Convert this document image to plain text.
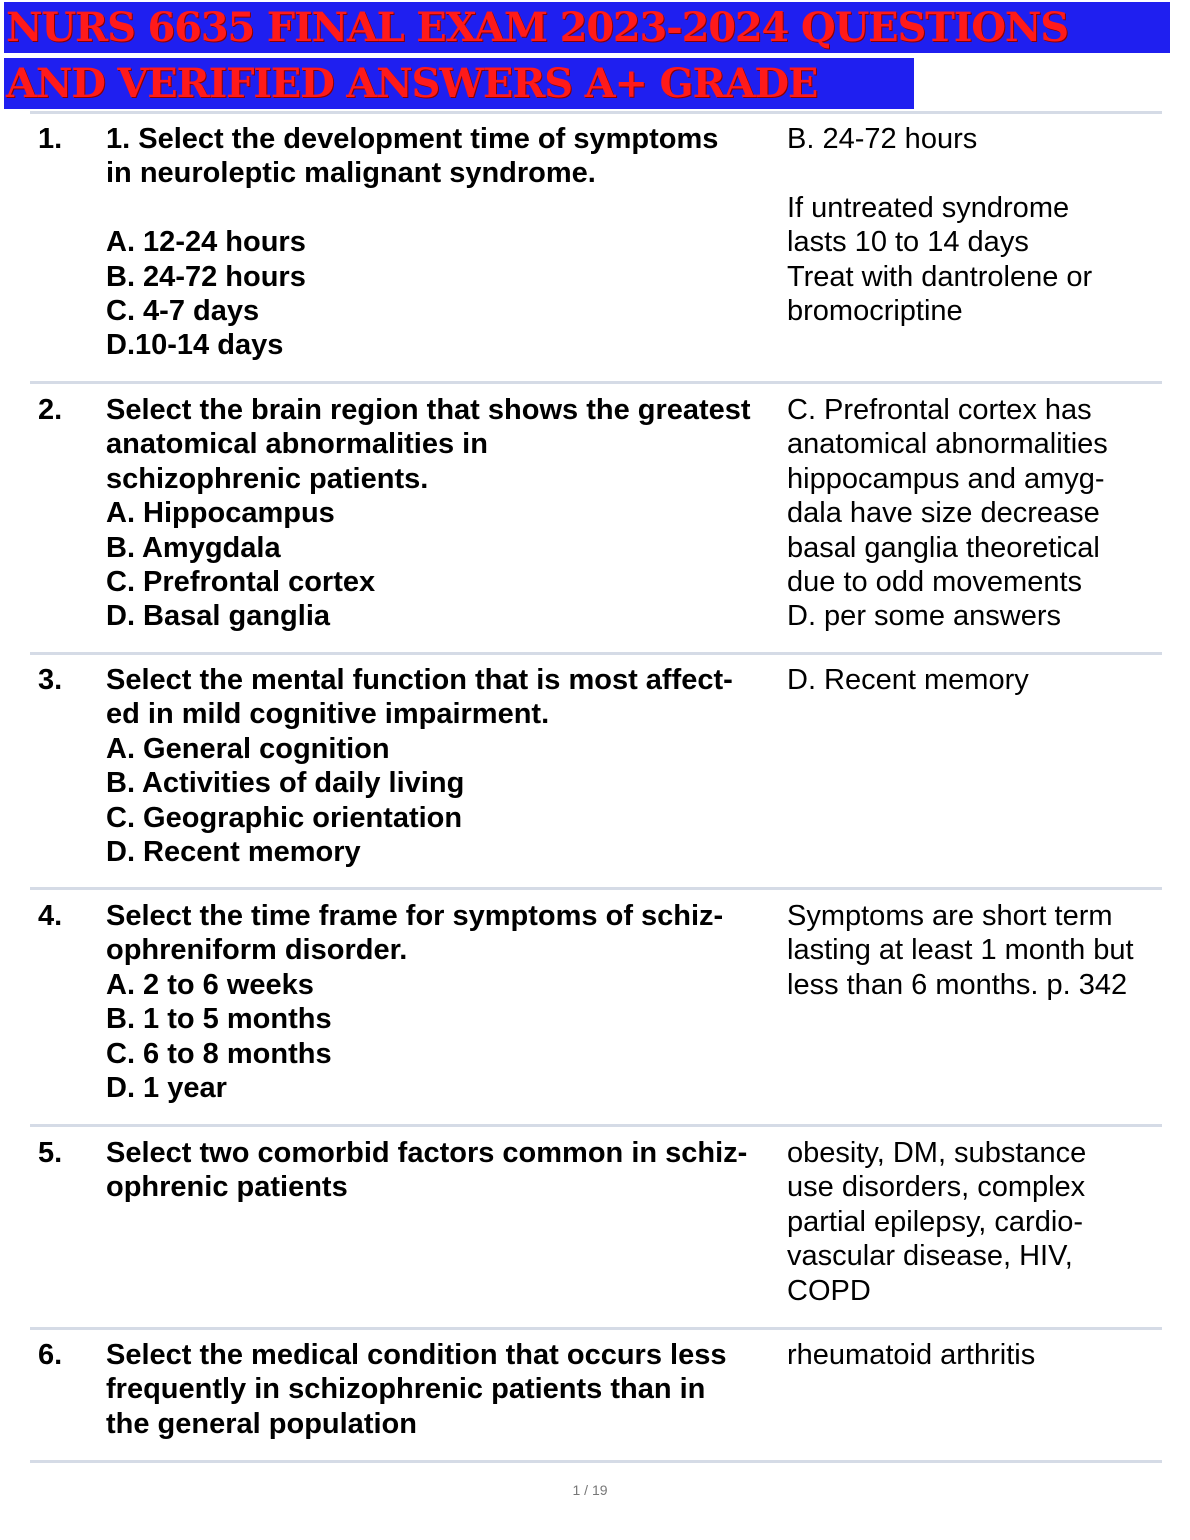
NURS 6635 FINAL EXAM 2023-2024 QUESTIONS
AND VERIFIED ANSWERS A+ GRADE
1. 1. Select the development time of symptoms
in neuroleptic malignant syndrome.
A. 12-24 hours
B. 24-72 hours
C. 4-7 days
D.10-14 days
B. 24-72 hours
If untreated syndrome
lasts 10 to 14 days
Treat with dantrolene or
bromocriptine
2. Select the brain region that shows the greatest
anatomical abnormalities in
schizophrenic patients.
A. Hippocampus
B. Amygdala
C. Prefrontal cortex
D. Basal ganglia
C. Prefrontal cortex has
anatomical abnormalities
hippocampus and amyg-
dala have size decrease
basal ganglia theoretical
due to odd movements
D. per some answers
3. Select the mental function that is most affect-
ed in mild cognitive impairment.
A. General cognition
B. Activities of daily living
C. Geographic orientation
D. Recent memory
D. Recent memory
4. Select the time frame for symptoms of schiz-
ophreniform disorder.
A. 2 to 6 weeks
B. 1 to 5 months
C. 6 to 8 months
D. 1 year
Symptoms are short term
lasting at least 1 month but
less than 6 months. p. 342
5. Select two comorbid factors common in schiz-
ophrenic patients
obesity, DM, substance
use disorders, complex
partial epilepsy, cardio-
vascular disease, HIV,
COPD
6. Select the medical condition that occurs less
frequently in schizophrenic patients than in
the general population
rheumatoid arthritis
1 / 19
